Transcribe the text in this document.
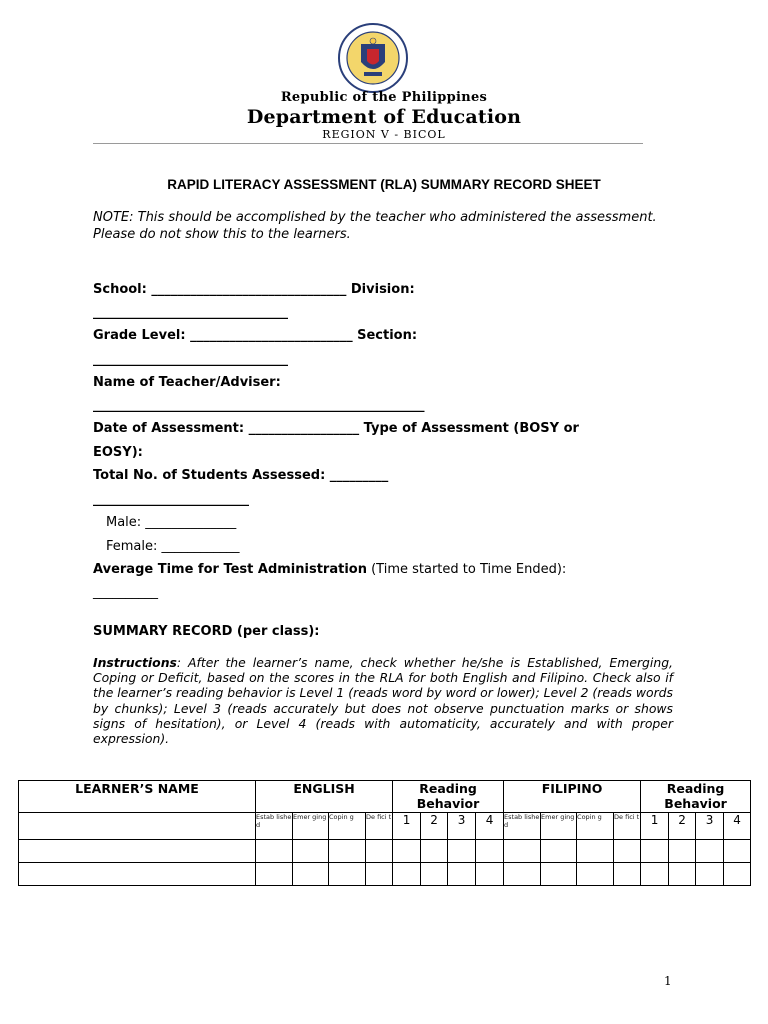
Republic of the Philippines
Department of Education
REGION V - BICOL
RAPID LITERACY ASSESSMENT (RLA) SUMMARY RECORD SHEET
NOTE: This should be accomplished by the teacher who administered the assessment. Please do not show this to the learners.
School: ______________________________ Division:
______________________________
Grade Level: _________________________ Section:
______________________________
Name of Teacher/Adviser:
___________________________________________________
Date of Assessment: _________________ Type of Assessment (BOSY or
EOSY):
Total No. of Students Assessed: _________
________________________
Male: ______________
Female: ____________
Average Time for Test Administration (Time started to Time Ended):
__________
SUMMARY RECORD (per class):
Instructions: After the learner’s name, check whether he/she is Established, Emerging, Coping or Deficit, based on the scores in the RLA for both English and Filipino. Check also if the learner’s reading behavior is Level 1 (reads word by word or lower); Level 2 (reads words by chunks); Level 3 (reads accurately but does not observe punctuation marks or shows signs of hesitation), or Level 4 (reads with automaticity, accurately and with proper expression).
LEARNER’S NAME	ENGLISH				Reading Behavior				FILIPINO				Reading Behavior			
	Estab lishe d	Emer ging	Copin g	De fici t	1	2	3	4	Estab lishe d	Emer ging	Copin g	De fici t	1	2	3	4

1
